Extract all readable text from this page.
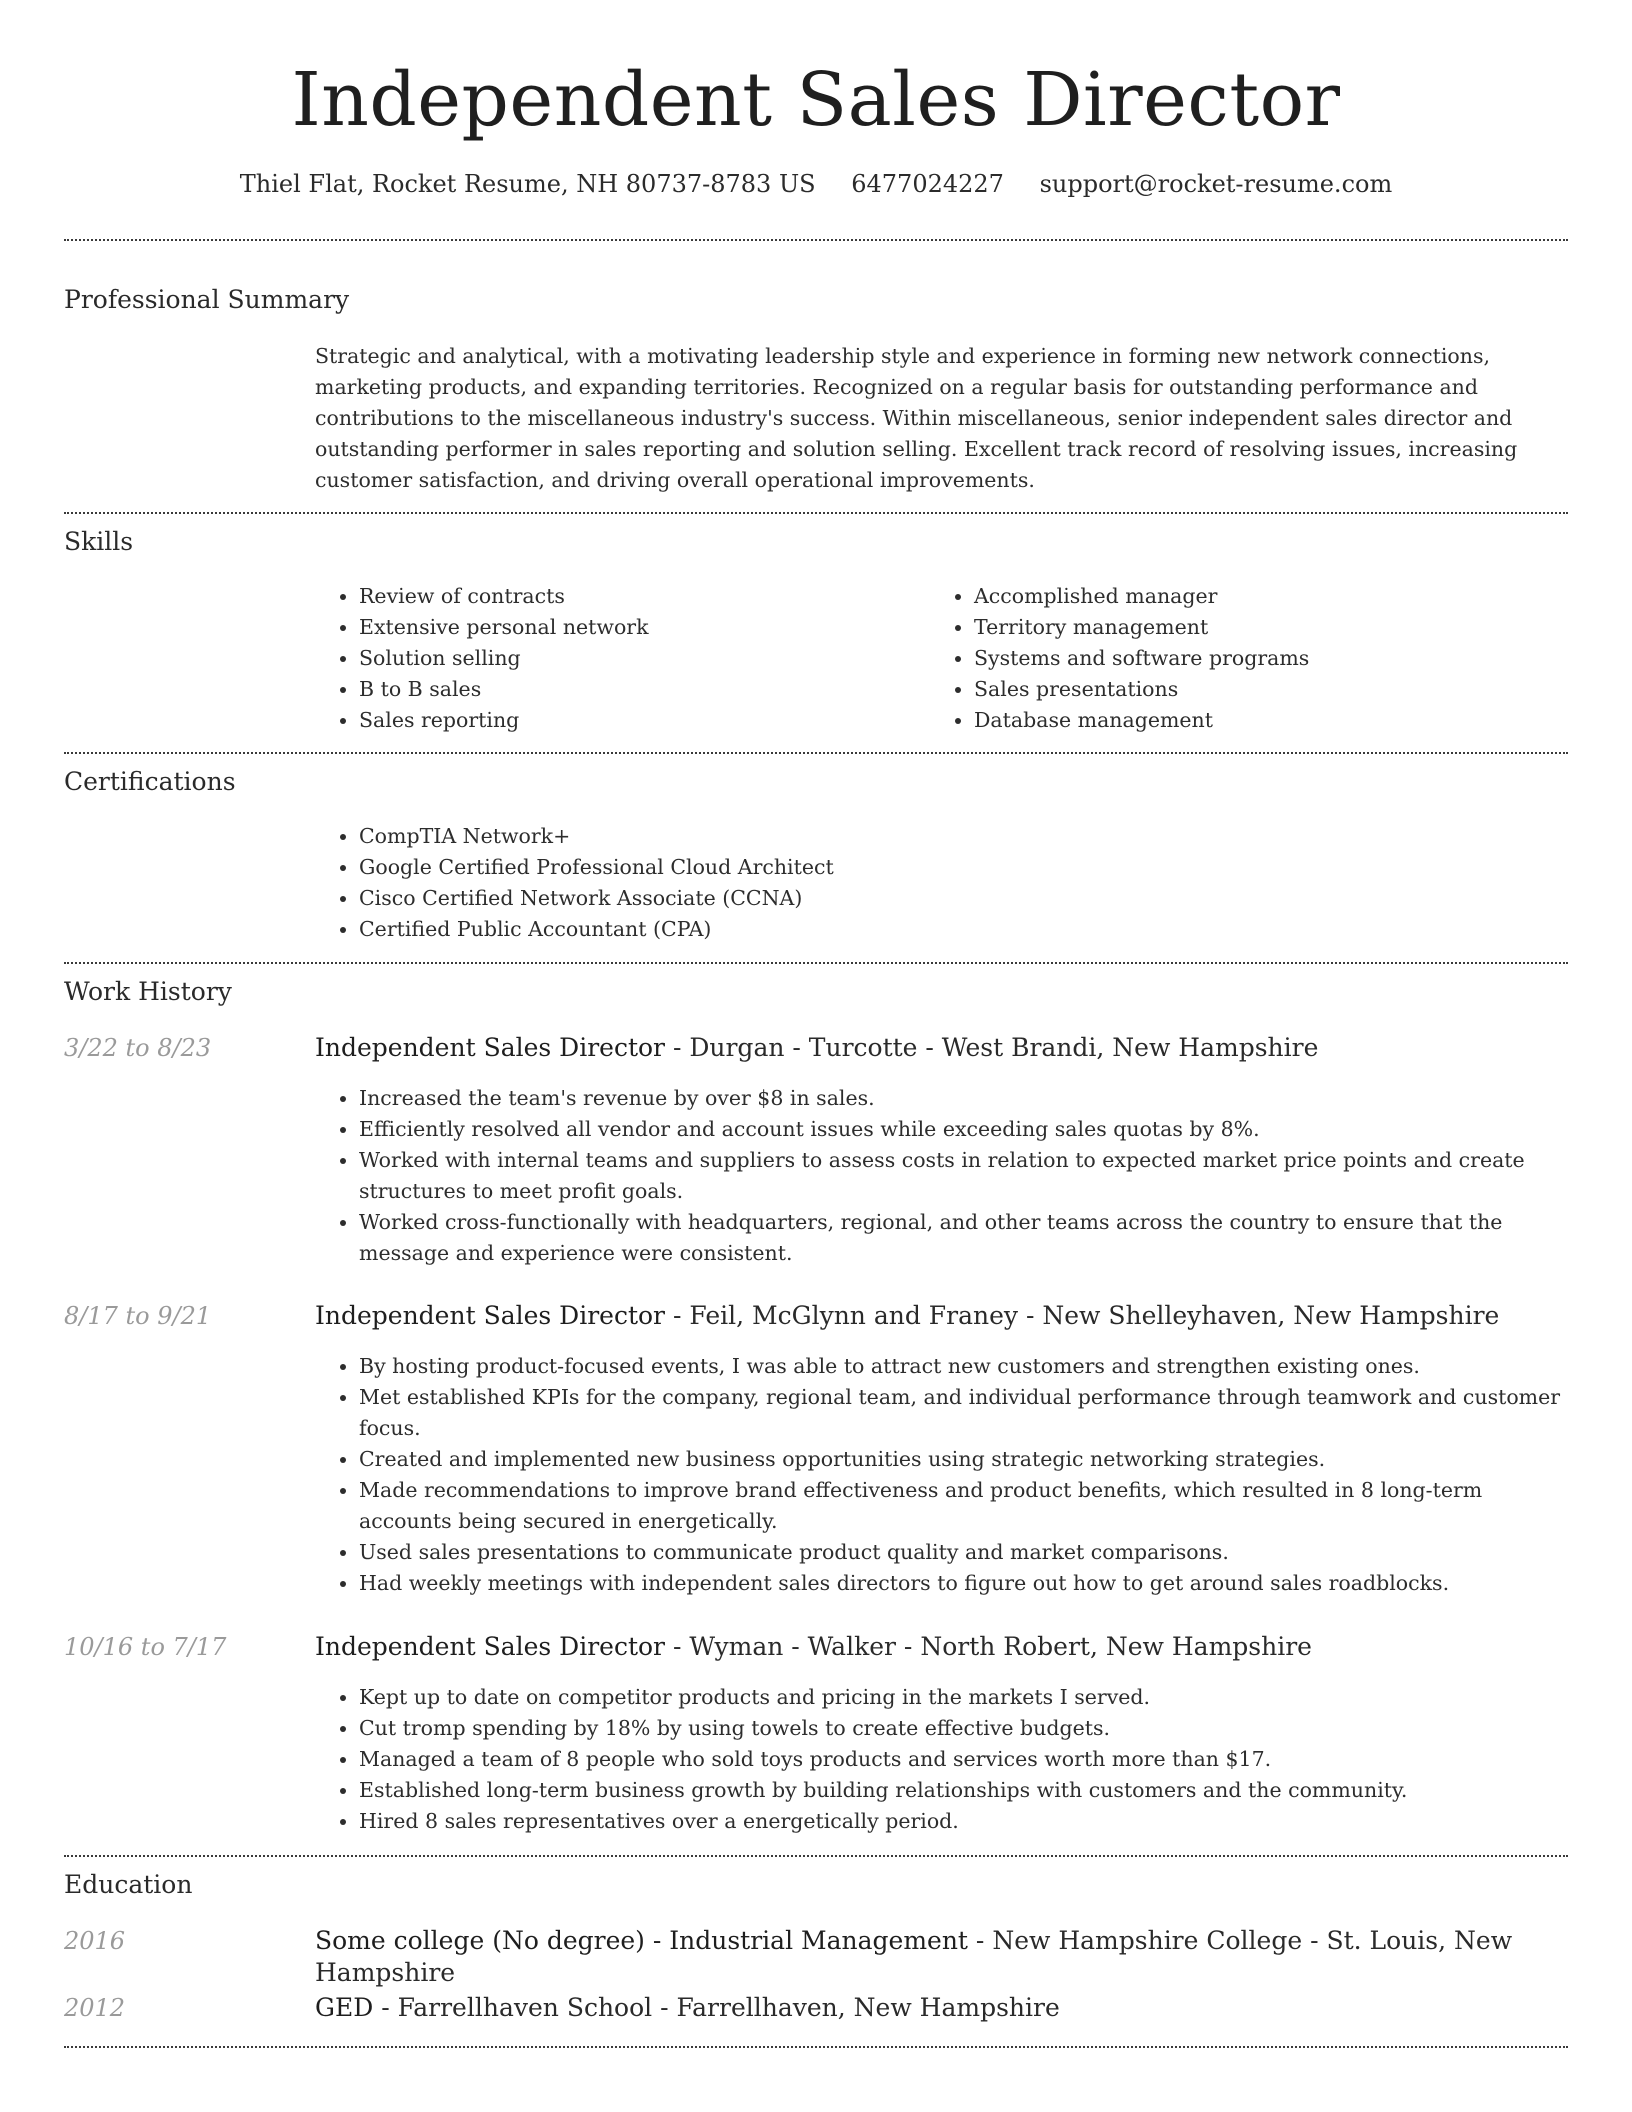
Independent Sales Director
Thiel Flat, Rocket Resume, NH 80737-8783 US 6477024227 support@rocket-resume.com
Professional Summary
Strategic and analytical, with a motivating leadership style and experience in forming new network connections, marketing products, and expanding territories. Recognized on a regular basis for outstanding performance and contributions to the miscellaneous industry's success. Within miscellaneous, senior independent sales director and outstanding performer in sales reporting and solution selling. Excellent track record of resolving issues, increasing customer satisfaction, and driving overall operational improvements.
Skills
• Review of contracts
• Extensive personal network
• Solution selling
• B to B sales
• Sales reporting
• Accomplished manager
• Territory management
• Systems and software programs
• Sales presentations
• Database management
Certifications
• CompTIA Network+
• Google Certified Professional Cloud Architect
• Cisco Certified Network Associate (CCNA)
• Certified Public Accountant (CPA)
Work History
3/22 to 8/23	Independent Sales Director - Durgan - Turcotte - West Brandi, New Hampshire
• Increased the team's revenue by over $8 in sales.
• Efficiently resolved all vendor and account issues while exceeding sales quotas by 8%.
• Worked with internal teams and suppliers to assess costs in relation to expected market price points and create structures to meet profit goals.
• Worked cross-functionally with headquarters, regional, and other teams across the country to ensure that the message and experience were consistent.
8/17 to 9/21	Independent Sales Director - Feil, McGlynn and Franey - New Shelleyhaven, New Hampshire
• By hosting product-focused events, I was able to attract new customers and strengthen existing ones.
• Met established KPIs for the company, regional team, and individual performance through teamwork and customer focus.
• Created and implemented new business opportunities using strategic networking strategies.
• Made recommendations to improve brand effectiveness and product benefits, which resulted in 8 long-term accounts being secured in energetically.
• Used sales presentations to communicate product quality and market comparisons.
• Had weekly meetings with independent sales directors to figure out how to get around sales roadblocks.
10/16 to 7/17	Independent Sales Director - Wyman - Walker - North Robert, New Hampshire
• Kept up to date on competitor products and pricing in the markets I served.
• Cut tromp spending by 18% by using towels to create effective budgets.
• Managed a team of 8 people who sold toys products and services worth more than $17.
• Established long-term business growth by building relationships with customers and the community.
• Hired 8 sales representatives over a energetically period.
Education
2016	Some college (No degree) - Industrial Management - New Hampshire College - St. Louis, New Hampshire
2012	GED - Farrellhaven School - Farrellhaven, New Hampshire
